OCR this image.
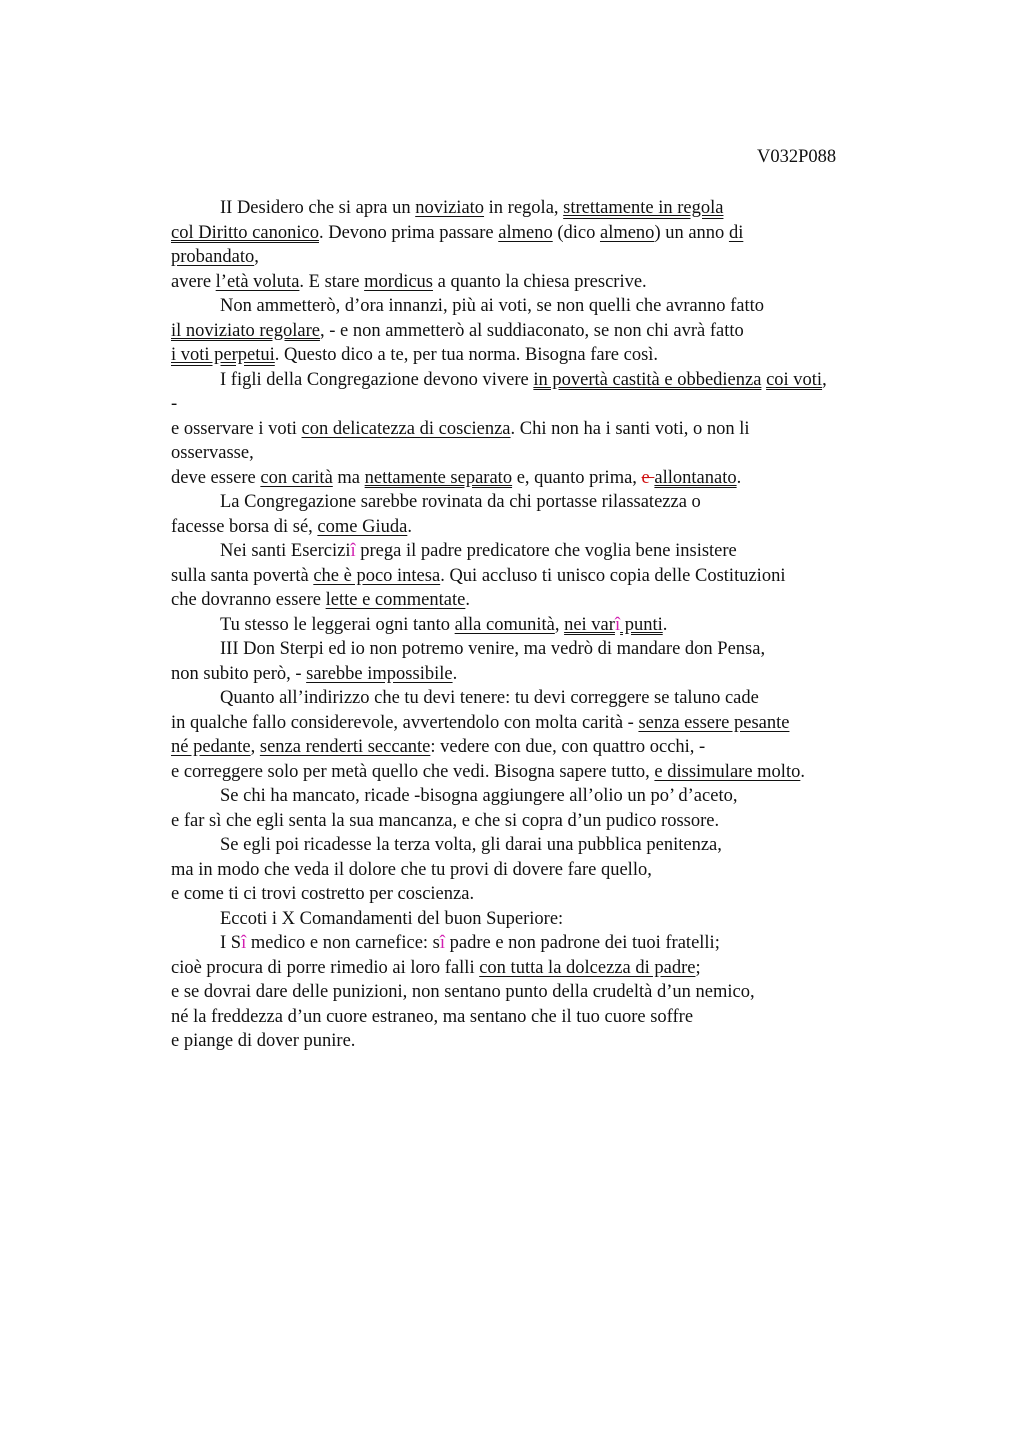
V032P088
II Desidero che si apra un noviziato in regola, strettamente in regola
col Diritto canonico. Devono prima passare almeno (dico almeno) un anno di
probandato,
avere l’età voluta. E stare mordicus a quanto la chiesa prescrive.
Non ammetterò, d’ora innanzi, più ai voti, se non quelli che avranno fatto
il noviziato regolare, - e non ammetterò al suddiaconato, se non chi avrà fatto
i voti perpetui. Questo dico a te, per tua norma. Bisogna fare così.
I figli della Congregazione devono vivere in povertà castità e obbedienza coi voti,
-
e osservare i voti con delicatezza di coscienza. Chi non ha i santi voti, o non li
osservasse,
deve essere con carità ma nettamente separato e, quanto prima, e allontanato.
La Congregazione sarebbe rovinata da chi portasse rilassatezza o
facesse borsa di sé, come Giuda.
Nei santi Eserciziî prega il padre predicatore che voglia bene insistere
sulla santa povertà che è poco intesa. Qui accluso ti unisco copia delle Costituzioni
che dovranno essere lette e commentate.
Tu stesso le leggerai ogni tanto alla comunità, nei varî punti.
III Don Sterpi ed io non potremo venire, ma vedrò di mandare don Pensa,
non subito però, - sarebbe impossibile.
Quanto all’indirizzo che tu devi tenere: tu devi correggere se taluno cade
in qualche fallo considerevole, avvertendolo con molta carità - senza essere pesante
né pedante, senza renderti seccante: vedere con due, con quattro occhi, -
e correggere solo per metà quello che vedi. Bisogna sapere tutto, e dissimulare molto.
Se chi ha mancato, ricade -bisogna aggiungere all’olio un po’ d’aceto,
e far sì che egli senta la sua mancanza, e che si copra d’un pudico rossore.
Se egli poi ricadesse la terza volta, gli darai una pubblica penitenza,
ma in modo che veda il dolore che tu provi di dovere fare quello,
e come ti ci trovi costretto per coscienza.
Eccoti i X Comandamenti del buon Superiore:
I Sî medico e non carnefice: sî padre e non padrone dei tuoi fratelli;
cioè procura di porre rimedio ai loro falli con tutta la dolcezza di padre;
e se dovrai dare delle punizioni, non sentano punto della crudeltà d’un nemico,
né la freddezza d’un cuore estraneo, ma sentano che il tuo cuore soffre
e piange di dover punire.
